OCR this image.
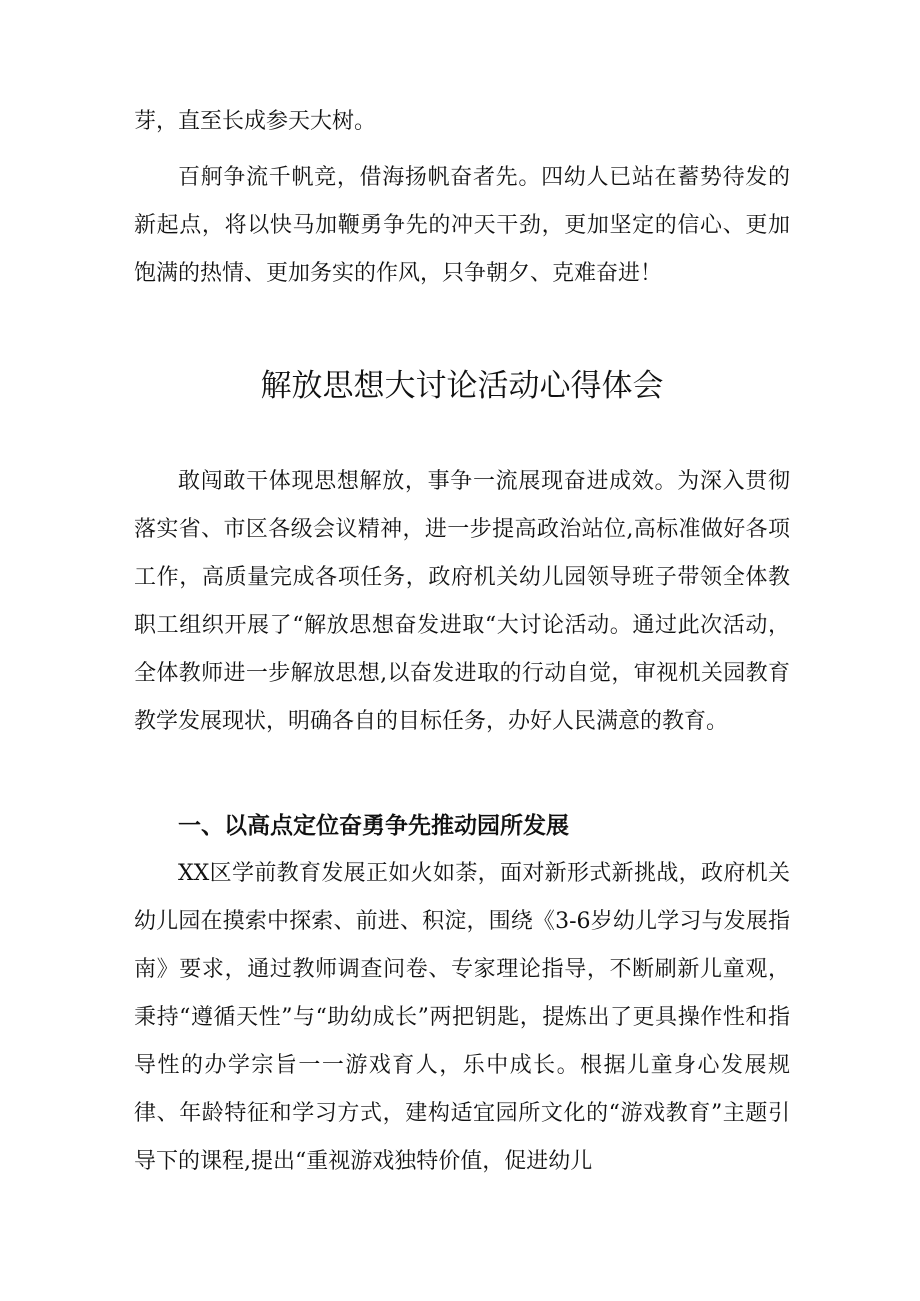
芽，直至长成参天大树。

百舸争流千帆竞，借海扬帆奋者先。四幼人已站在蓄势待发的新起点，将以快马加鞭勇争先的冲天干劲，更加坚定的信心、更加饱满的热情、更加务实的作风，只争朝夕、克难奋进！

解放思想大讨论活动心得体会

敢闯敢干体现思想解放，事争一流展现奋进成效。为深入贯彻落实省、市区各级会议精神，进一步提高政治站位,高标准做好各项工作，高质量完成各项任务，政府机关幼儿园领导班子带领全体教职工组织开展了“解放思想奋发进取“大讨论活动。通过此次活动，全体教师进一步解放思想,以奋发进取的行动自觉，审视机关园教育教学发展现状，明确各自的目标任务，办好人民满意的教育。

一、以高点定位奋勇争先推动园所发展

XX区学前教育发展正如火如荼，面对新形式新挑战，政府机关幼儿园在摸索中探索、前进、积淀，围绕《3-6岁幼儿学习与发展指南》要求，通过教师调查问卷、专家理论指导，不断刷新儿童观，秉持“遵循天性”与“助幼成长”两把钥匙，提炼出了更具操作性和指导性的办学宗旨一一游戏育人，乐中成长。根据儿童身心发展规律、年龄特征和学习方式，建构适宜园所文化的“游戏教育”主题引导下的课程,提出“重视游戏独特价值，促进幼儿
